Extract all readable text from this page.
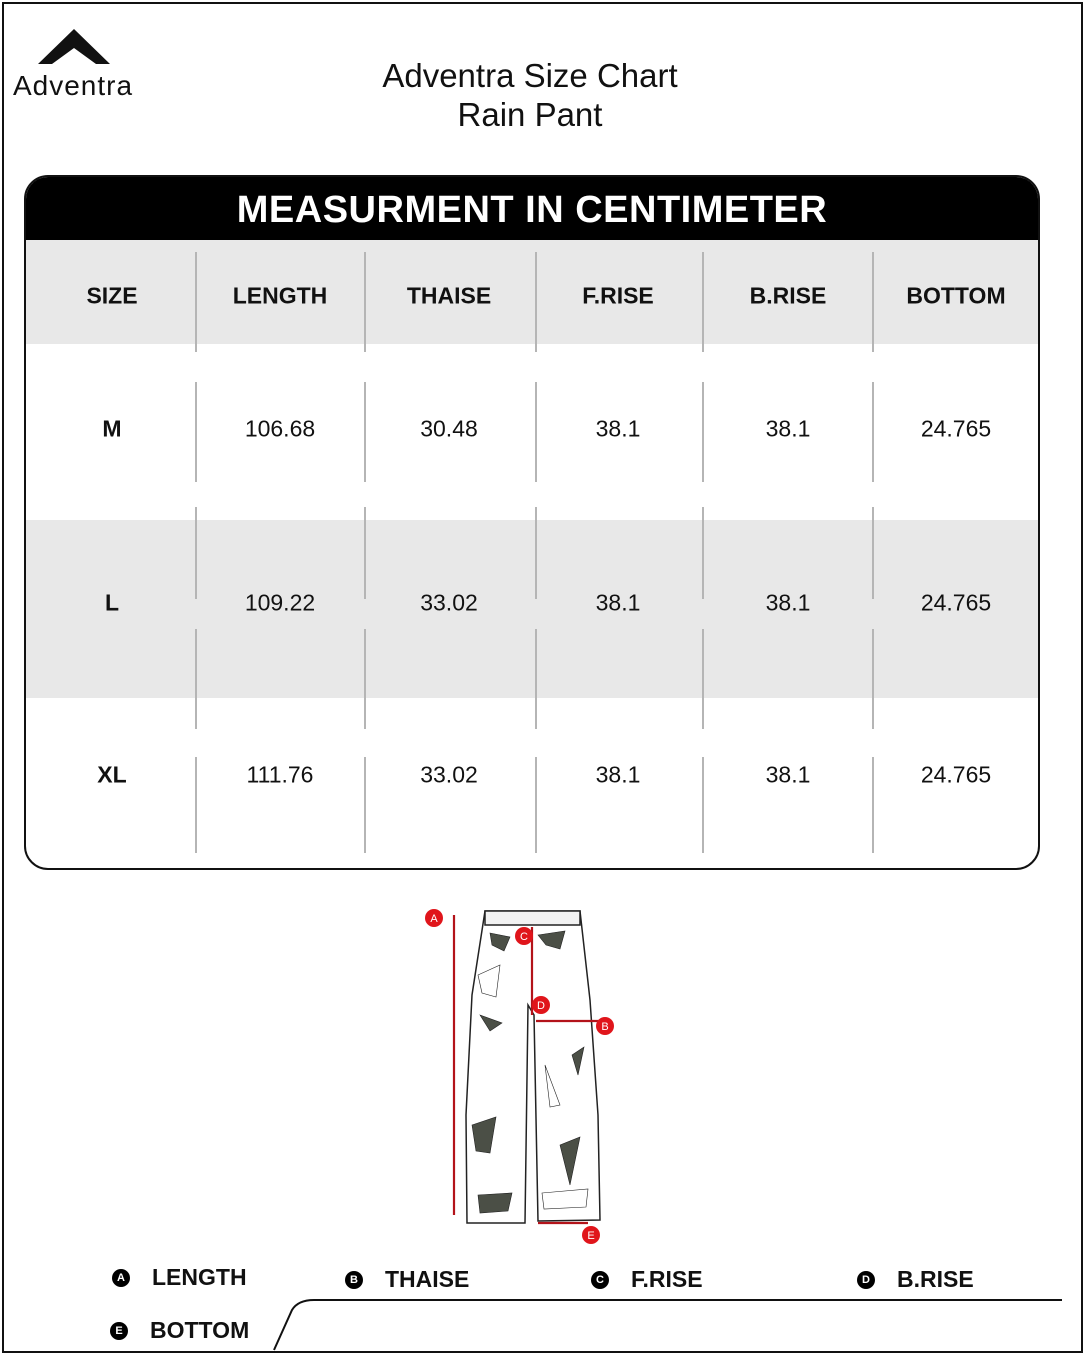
Adventra	Adventra Size Chart
Rain Pant
MEASURMENT IN CENTIMETER
SIZE	LENGTH	THAISE	F.RISE	B.RISE	BOTTOM
M	106.68	30.48	38.1	38.1	24.765
L	109.22	33.02	38.1	38.1	24.765
XL	111.76	33.02	38.1	38.1	24.765
A
C
D
B
E
A LENGTH	B THAISE	C F.RISE	D B.RISE
E BOTTOM
